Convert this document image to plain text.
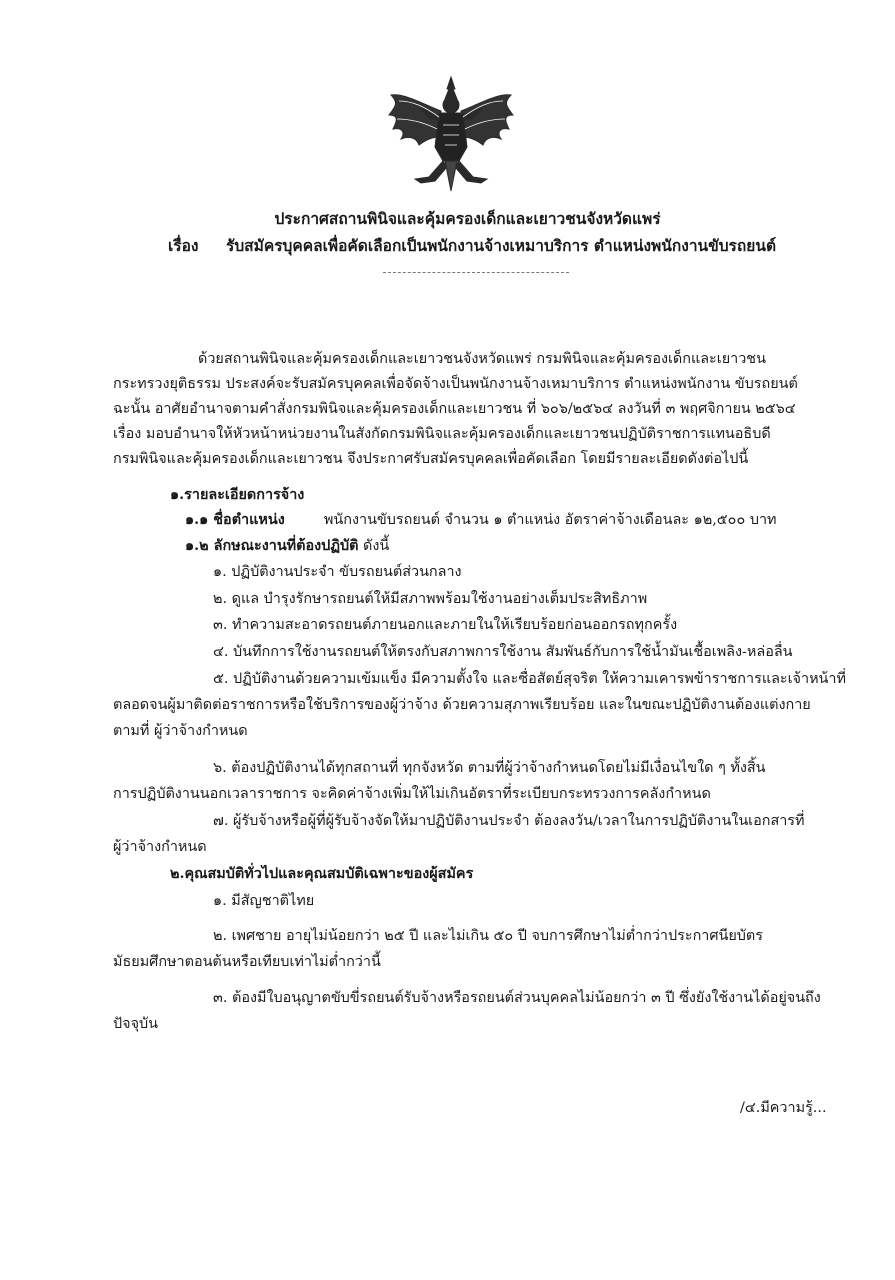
ประกาศสถานพินิจและคุ้มครองเด็กและเยาวชนจังหวัดแพร่
เรื่อง รับสมัครบุคคลเพื่อคัดเลือกเป็นพนักงานจ้างเหมาบริการ ตำแหน่งพนักงานขับรถยนต์
ด้วยสถานพินิจและคุ้มครองเด็กและเยาวชนจังหวัดแพร่ กรมพินิจและคุ้มครองเด็กและเยาวชน
กระทรวงยุติธรรม ประสงค์จะรับสมัครบุคคลเพื่อจัดจ้างเป็นพนักงานจ้างเหมาบริการ ตำแหน่งพนักงาน ขับรถยนต์
ฉะนั้น อาศัยอำนาจตามคำสั่งกรมพินิจและคุ้มครองเด็กและเยาวชน ที่ ๖๐๖/๒๕๖๔ ลงวันที่ ๓ พฤศจิกายน ๒๕๖๔
เรื่อง มอบอำนาจให้หัวหน้าหน่วยงานในสังกัดกรมพินิจและคุ้มครองเด็กและเยาวชนปฏิบัติราชการแทนอธิบดี
กรมพินิจและคุ้มครองเด็กและเยาวชน จึงประกาศรับสมัครบุคคลเพื่อคัดเลือก โดยมีรายละเอียดดังต่อไปนี้
๑.รายละเอียดการจ้าง
๑.๑ ชื่อตำแหน่ง	พนักงานขับรถยนต์ จำนวน ๑ ตำแหน่ง อัตราค่าจ้างเดือนละ ๑๒,๕๐๐ บาท
๑.๒ ลักษณะงานที่ต้องปฏิบัติ ดังนี้
๑. ปฏิบัติงานประจำ ขับรถยนต์ส่วนกลาง
๒. ดูแล บำรุงรักษารถยนต์ให้มีสภาพพร้อมใช้งานอย่างเต็มประสิทธิภาพ
๓. ทำความสะอาดรถยนต์ภายนอกและภายในให้เรียบร้อยก่อนออกรถทุกครั้ง
๔. บันทึกการใช้งานรถยนต์ให้ตรงกับสภาพการใช้งาน สัมพันธ์กับการใช้น้ำมันเชื้อเพลิง-หล่อลื่น
๕. ปฏิบัติงานด้วยความเข้มแข็ง มีความตั้งใจ และซื่อสัตย์สุจริต ให้ความเคารพข้าราชการและเจ้าหน้าที่
ตลอดจนผู้มาติดต่อราชการหรือใช้บริการของผู้ว่าจ้าง ด้วยความสุภาพเรียบร้อย และในขณะปฏิบัติงานต้องแต่งกาย
ตามที่ ผู้ว่าจ้างกำหนด
๖. ต้องปฏิบัติงานได้ทุกสถานที่ ทุกจังหวัด ตามที่ผู้ว่าจ้างกำหนดโดยไม่มีเงื่อนไขใด ๆ ทั้งสิ้น
การปฏิบัติงานนอกเวลาราชการ จะคิดค่าจ้างเพิ่มให้ไม่เกินอัตราที่ระเบียบกระทรวงการคลังกำหนด
๗. ผู้รับจ้างหรือผู้ที่ผู้รับจ้างจัดให้มาปฏิบัติงานประจำ ต้องลงวัน/เวลาในการปฏิบัติงานในเอกสารที่
ผู้ว่าจ้างกำหนด
๒.คุณสมบัติทั่วไปและคุณสมบัติเฉพาะของผู้สมัคร
๑. มีสัญชาติไทย
๒. เพศชาย อายุไม่น้อยกว่า ๒๕ ปี และไม่เกิน ๕๐ ปี จบการศึกษาไม่ต่ำกว่าประกาศนียบัตร
มัธยมศึกษาตอนต้นหรือเทียบเท่าไม่ต่ำกว่านี้
๓. ต้องมีใบอนุญาตขับขี่รถยนต์รับจ้างหรือรถยนต์ส่วนบุคคลไม่น้อยกว่า ๓ ปี ซึ่งยังใช้งานได้อยู่จนถึง
ปัจจุบัน
/๔.มีความรู้...
